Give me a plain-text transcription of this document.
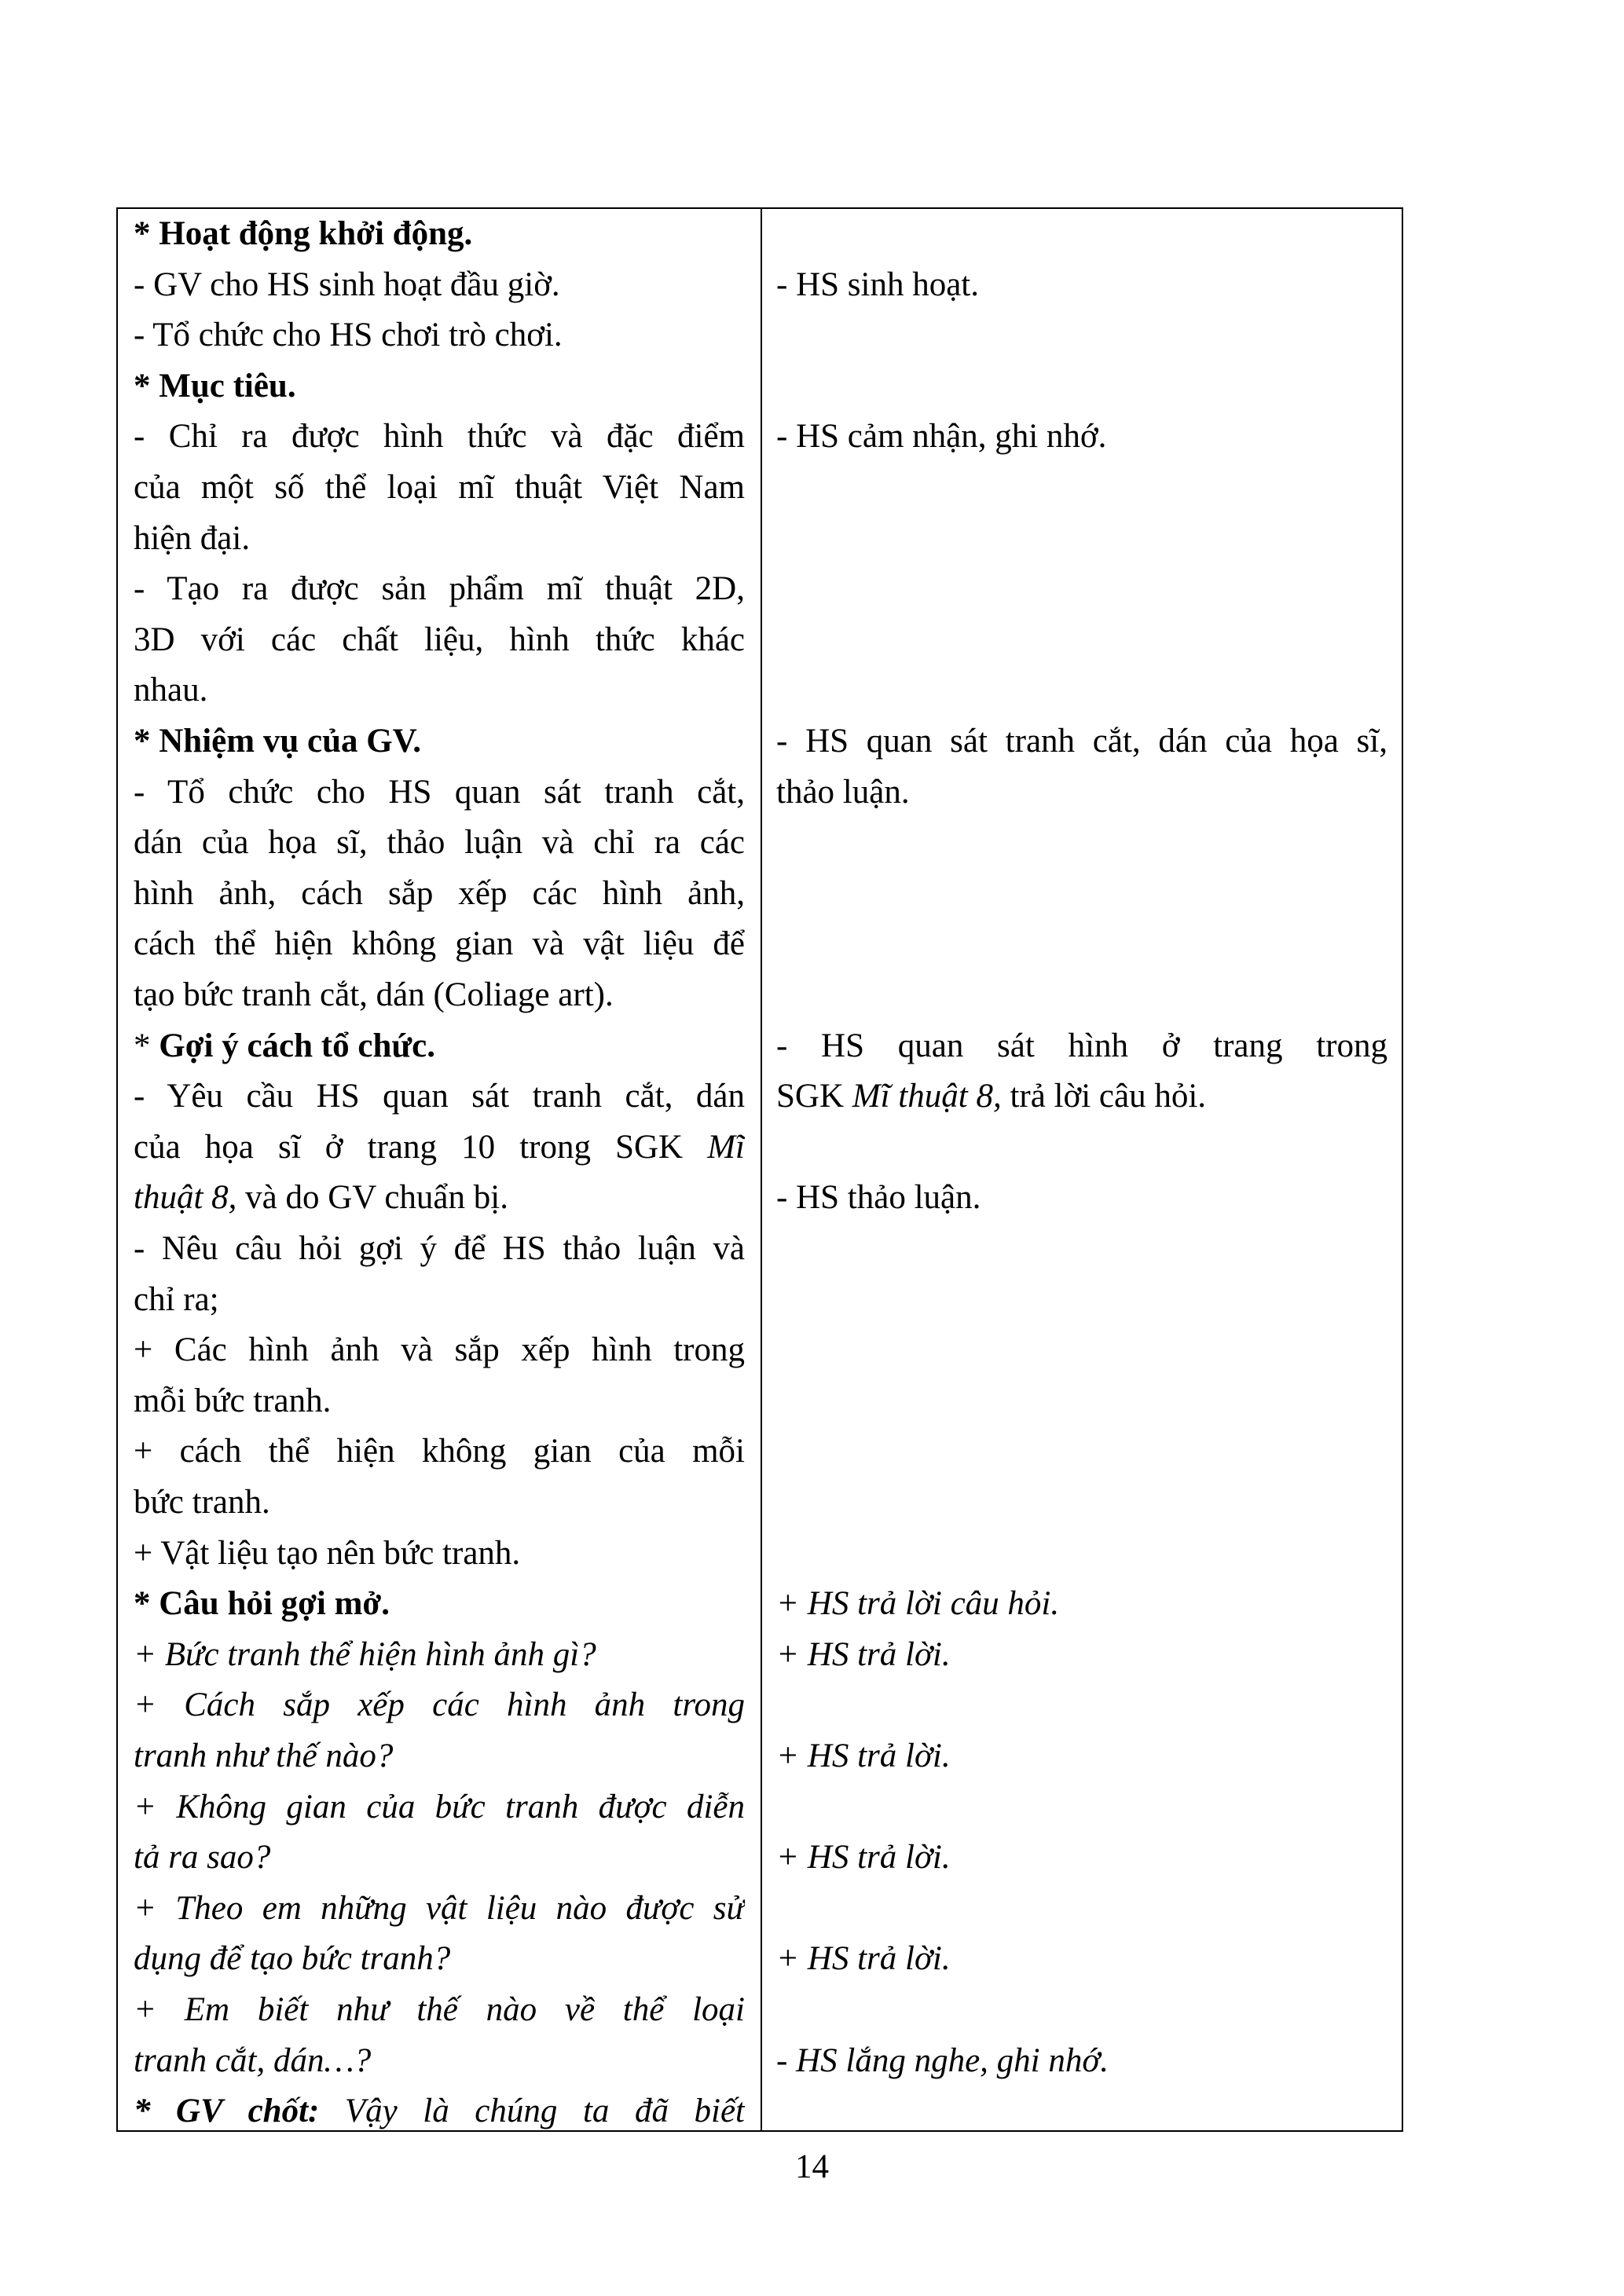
* Hoạt động khởi động.
- GV cho HS sinh hoạt đầu giờ.
- Tổ chức cho HS chơi trò chơi.
* Mục tiêu.
- Chỉ ra được hình thức và đặc điểm
của một số thể loại mĩ thuật Việt Nam
hiện đại.
- Tạo ra được sản phẩm mĩ thuật 2D,
3D với các chất liệu, hình thức khác
nhau.
* Nhiệm vụ của GV.
- Tổ chức cho HS quan sát tranh cắt,
dán của họa sĩ, thảo luận và chỉ ra các
hình ảnh, cách sắp xếp các hình ảnh,
cách thể hiện không gian và vật liệu để
tạo bức tranh cắt, dán (Coliage art).
* Gợi ý cách tổ chức.
- Yêu cầu HS quan sát tranh cắt, dán
của họa sĩ ở trang 10 trong SGK Mĩ
thuật 8, và do GV chuẩn bị.
- Nêu câu hỏi gợi ý để HS thảo luận và
chỉ ra;
+ Các hình ảnh và sắp xếp hình trong
mỗi bức tranh.
+ cách thể hiện không gian của mỗi
bức tranh.
+ Vật liệu tạo nên bức tranh.
* Câu hỏi gợi mở.
+ Bức tranh thể hiện hình ảnh gì?
+ Cách sắp xếp các hình ảnh trong
tranh như thế nào?
+ Không gian của bức tranh được diễn
tả ra sao?
+ Theo em những vật liệu nào được sử
dụng để tạo bức tranh?
+ Em biết như thế nào về thể loại
tranh cắt, dán…?
* GV chốt: Vậy là chúng ta đã biết
- HS sinh hoạt.
- HS cảm nhận, ghi nhớ.
- HS quan sát tranh cắt, dán của họa sĩ,
thảo luận.
- HS quan sát hình ở trang trong
SGK Mĩ thuật 8, trả lời câu hỏi.
- HS thảo luận.
+ HS trả lời câu hỏi.
+ HS trả lời.
+ HS trả lời.
+ HS trả lời.
+ HS trả lời.
- HS lắng nghe, ghi nhớ.
14
